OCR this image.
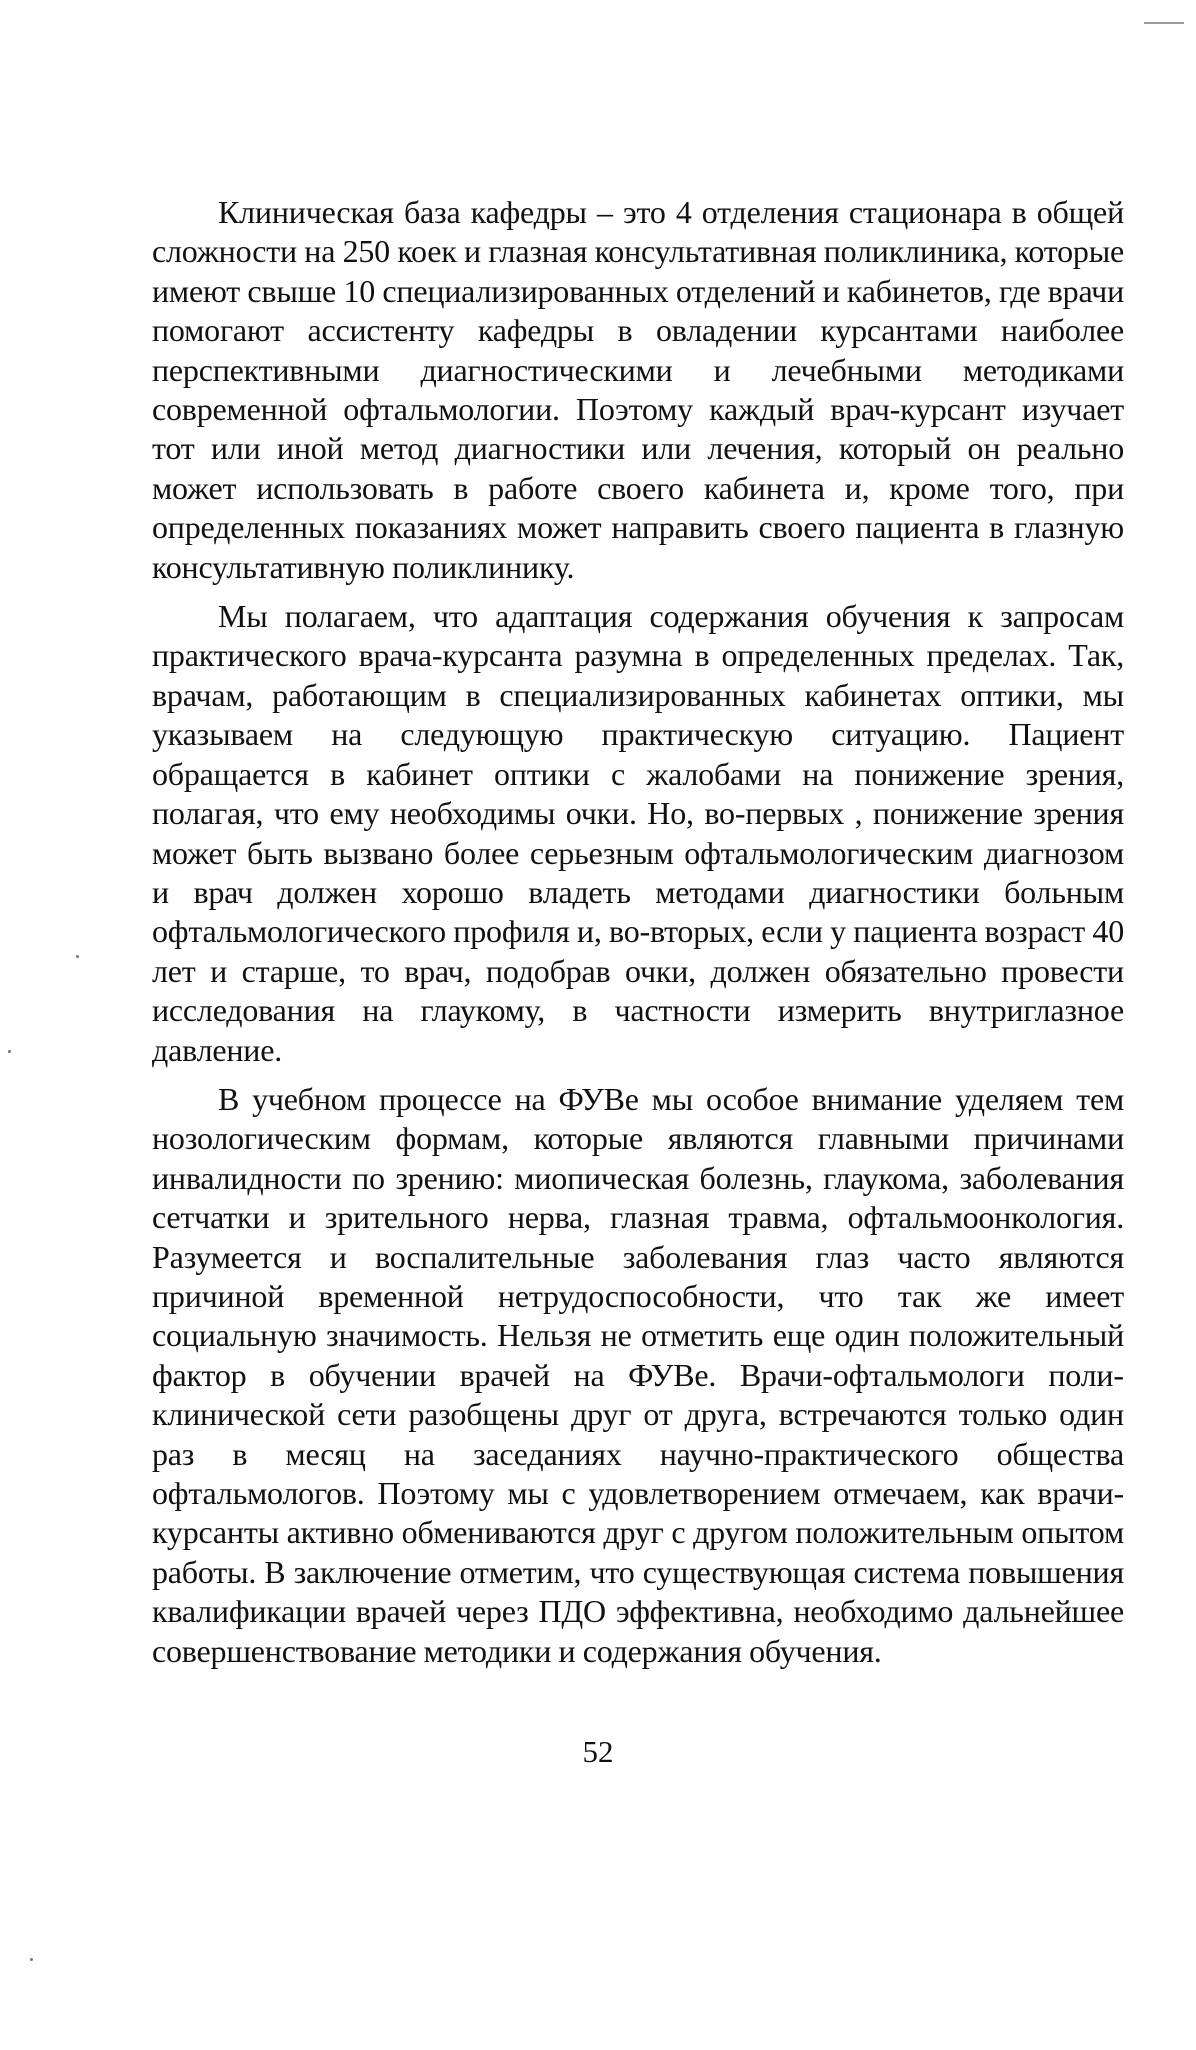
Клиническая база кафедры – это 4 отделения стационара в общей сложности на 250 коек и глазная консультативная поликлиника, которые имеют свыше 10 специализированных отделений и кабинетов, где врачи помогают ассистенту кафедры в овладении курсантами наиболее перспективными диагностическими и лечебными методиками современной офтальмологии. Поэтому каждый врач-курсант изучает тот или иной метод диагностики или лечения, который он реально может использовать в работе своего кабинета и, кроме того, при определенных показаниях может направить своего пациента в глазную консультативную поликлинику.

Мы полагаем, что адаптация содержания обучения к запросам практического врача-курсанта разумна в определенных пределах. Так, врачам, работающим в специализированных кабинетах оптики, мы указываем на следующую практическую ситуацию. Пациент обращается в кабинет оптики с жалобами на понижение зрения, полагая, что ему необходимы очки. Но, во-первых , понижение зрения может быть вызвано более серьезным офтальмологическим диагнозом и врач должен хорошо владеть методами диагностики больным офтальмологического профиля и, во-вторых, если у пациента возраст 40 лет и старше, то врач, подобрав очки, должен обязательно провести исследования на глаукому, в частности измерить внутриглазное давление.

В учебном процессе на ФУВе мы особое внимание уделяем тем нозологическим формам, которые являются главными причинами инвалидности по зрению: миопическая болезнь, глаукома, заболевания сетчатки и зрительного нерва, глазная травма, офтальмоонкология. Разумеется и воспалительные заболевания глаз часто являются причиной временной нетрудоспособности, что так же имеет социальную значимость. Нельзя не отметить еще один положительный фактор в обучении врачей на ФУВе. Врачи-офтальмологи поликлинической сети разобщены друг от друга, встречаются только один раз в месяц на заседаниях научно-практического общества офтальмологов. Поэтому мы с удовлетворением отмечаем, как врачи-курсанты активно обмениваются друг с другом положительным опытом работы. В заключение отметим, что существующая система повышения квалификации врачей через ПДО эффективна, необходимо дальнейшее совершенствование методики и содержания обучения.

52
